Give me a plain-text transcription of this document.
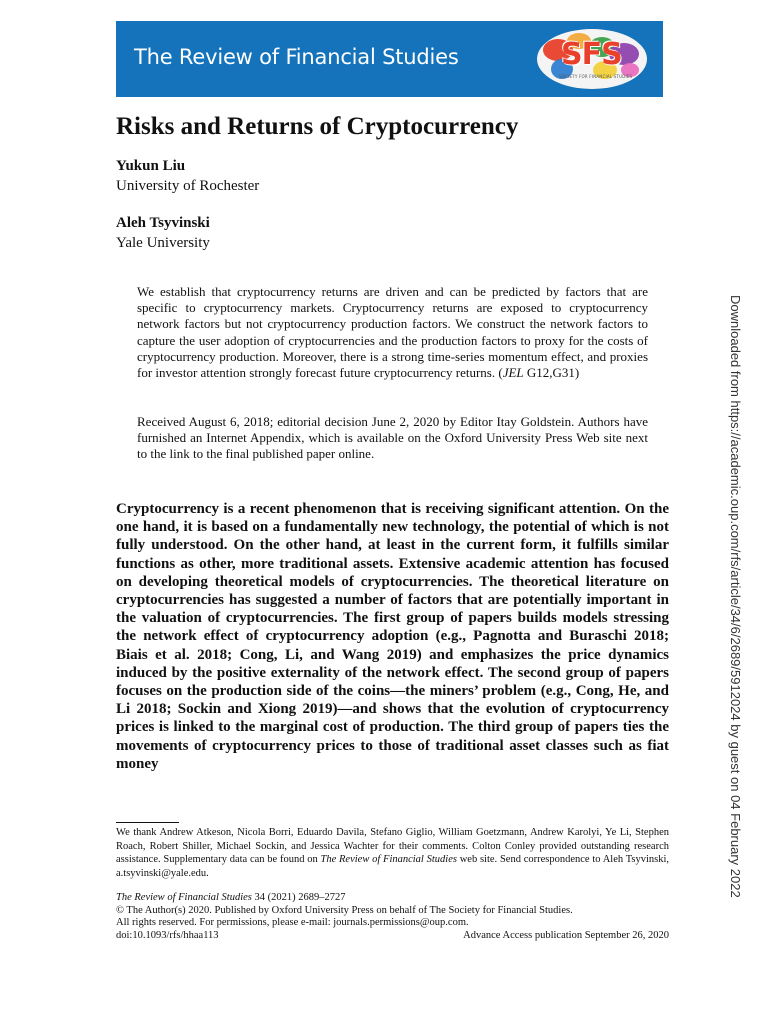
The Review of Financial Studies	SFS
SOCIETY FOR FINANCIAL STUDIES
Risks and Returns of Cryptocurrency
Yukun Liu
University of Rochester
Aleh Tsyvinski
Yale University
We establish that cryptocurrency returns are driven and can be predicted by factors that are specific to cryptocurrency markets. Cryptocurrency returns are exposed to cryptocurrency network factors but not cryptocurrency production factors. We construct the network factors to capture the user adoption of cryptocurrencies and the production factors to proxy for the costs of cryptocurrency production. Moreover, there is a strong time-series momentum effect, and proxies for investor attention strongly forecast future cryptocurrency returns. (JEL G12,G31)
Received August 6, 2018; editorial decision June 2, 2020 by Editor Itay Goldstein. Authors have furnished an Internet Appendix, which is available on the Oxford University Press Web site next to the link to the final published paper online.
Cryptocurrency is a recent phenomenon that is receiving significant attention. On the one hand, it is based on a fundamentally new technology, the potential of which is not fully understood. On the other hand, at least in the current form, it fulfills similar functions as other, more traditional assets. Extensive academic attention has focused on developing theoretical models of cryptocurrencies. The theoretical literature on cryptocurrencies has suggested a number of factors that are potentially important in the valuation of cryptocurrencies. The first group of papers builds models stressing the network effect of cryptocurrency adoption (e.g., Pagnotta and Buraschi 2018; Biais et al. 2018; Cong, Li, and Wang 2019) and emphasizes the price dynamics induced by the positive externality of the network effect. The second group of papers focuses on the production side of the coins—the miners’ problem (e.g., Cong, He, and Li 2018; Sockin and Xiong 2019)—and shows that the evolution of cryptocurrency prices is linked to the marginal cost of production. The third group of papers ties the movements of cryptocurrency prices to those of traditional asset classes such as fiat money
We thank Andrew Atkeson, Nicola Borri, Eduardo Davila, Stefano Giglio, William Goetzmann, Andrew Karolyi, Ye Li, Stephen Roach, Robert Shiller, Michael Sockin, and Jessica Wachter for their comments. Colton Conley provided outstanding research assistance. Supplementary data can be found on The Review of Financial Studies web site. Send correspondence to Aleh Tsyvinski, a.tsyvinski@yale.edu.
The Review of Financial Studies 34 (2021) 2689–2727
© The Author(s) 2020. Published by Oxford University Press on behalf of The Society for Financial Studies.
All rights reserved. For permissions, please e-mail: journals.permissions@oup.com.
doi:10.1093/rfs/hhaa113	Advance Access publication September 26, 2020
Downloaded from https://academic.oup.com/rfs/article/34/6/2689/5912024 by guest on 04 February 2022
